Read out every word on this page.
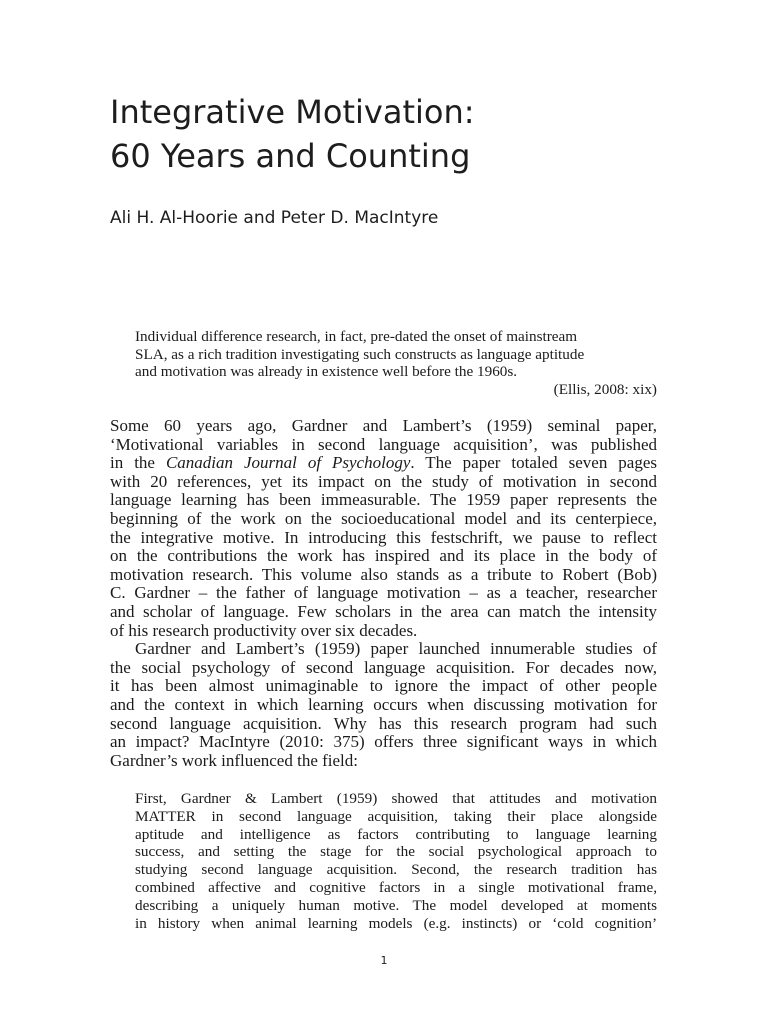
Integrative Motivation:
60 Years and Counting

Ali H. Al-Hoorie and Peter D. MacIntyre

Individual difference research, in fact, pre-dated the onset of mainstream
SLA, as a rich tradition investigating such constructs as language aptitude
and motivation was already in existence well before the 1960s.
(Ellis, 2008: xix)
Some 60 years ago, Gardner and Lambert’s (1959) seminal paper,
‘Motivational variables in second language acquisition’, was published
in the Canadian Journal of Psychology. The paper totaled seven pages
with 20 references, yet its impact on the study of motivation in second
language learning has been immeasurable. The 1959 paper represents the
beginning of the work on the socioeducational model and its centerpiece,
the integrative motive. In introducing this festschrift, we pause to reflect
on the contributions the work has inspired and its place in the body of
motivation research. This volume also stands as a tribute to Robert (Bob)
C. Gardner – the father of language motivation – as a teacher, researcher
and scholar of language. Few scholars in the area can match the intensity
of his research productivity over six decades.
Gardner and Lambert’s (1959) paper launched innumerable studies of
the social psychology of second language acquisition. For decades now,
it has been almost unimaginable to ignore the impact of other people
and the context in which learning occurs when discussing motivation for
second language acquisition. Why has this research program had such
an impact? MacIntyre (2010: 375) offers three significant ways in which
Gardner’s work influenced the field:
First, Gardner & Lambert (1959) showed that attitudes and motivation
MATTER in second language acquisition, taking their place alongside
aptitude and intelligence as factors contributing to language learning
success, and setting the stage for the social psychological approach to
studying second language acquisition. Second, the research tradition has
combined affective and cognitive factors in a single motivational frame,
describing a uniquely human motive. The model developed at moments
in history when animal learning models (e.g. instincts) or ‘cold cognition’
1
